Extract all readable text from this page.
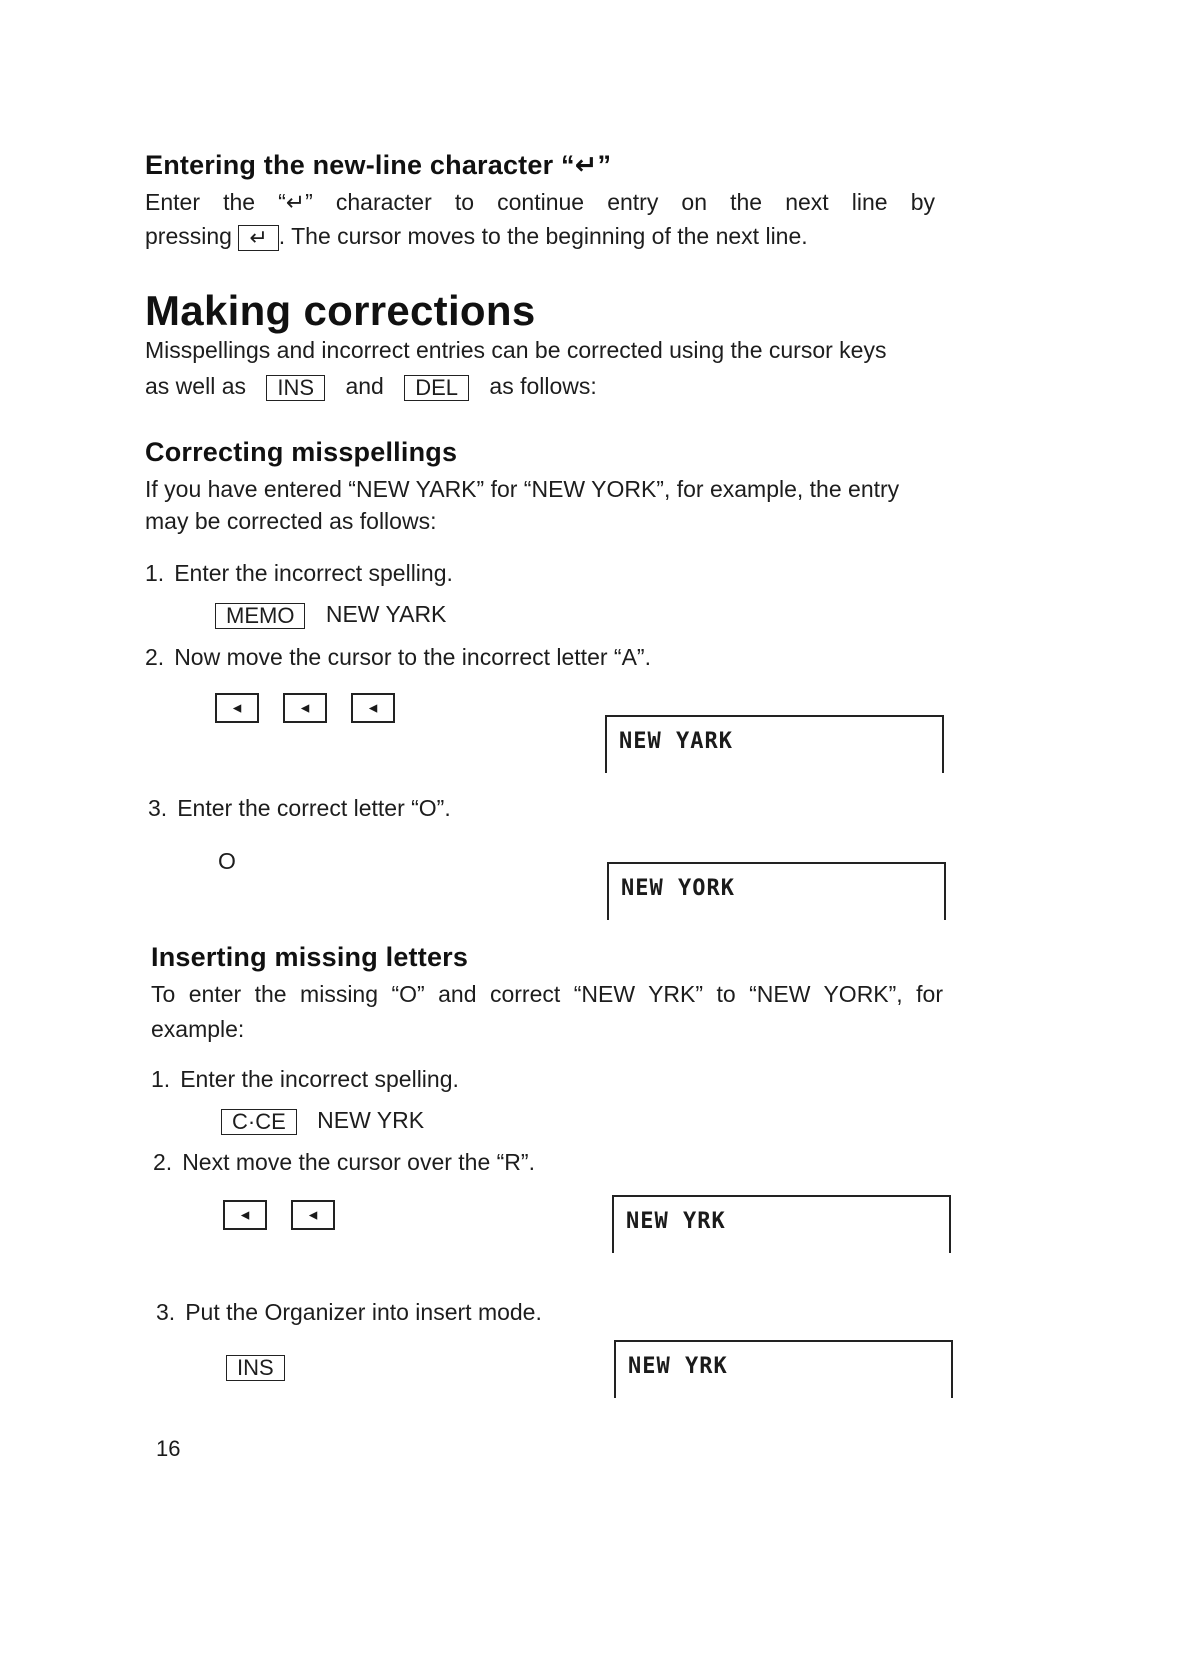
Entering the new-line character “↵”
Enter the “↵” character to continue entry on the next line by
pressing ↵ . The cursor moves to the beginning of the next line.
Making corrections
Misspellings and incorrect entries can be corrected using the cursor keys
as well as INS and DEL as follows:
Correcting misspellings
If you have entered “NEW YARK” for “NEW YORK”, for example, the entry
may be corrected as follows:
1. Enter the incorrect spelling.
MEMO NEW YARK
2. Now move the cursor to the incorrect letter “A”.
◄	◄	◄
NEW YARK
3. Enter the correct letter “O”.
O
NEW YORK
Inserting missing letters
To enter the missing “O” and correct “NEW YRK” to “NEW YORK”, for
example:
1. Enter the incorrect spelling.
C·CE NEW YRK
2. Next move the cursor over the “R”.
◄	◄	NEW YRK
3. Put the Organizer into insert mode.
INS	NEW YRK
16
